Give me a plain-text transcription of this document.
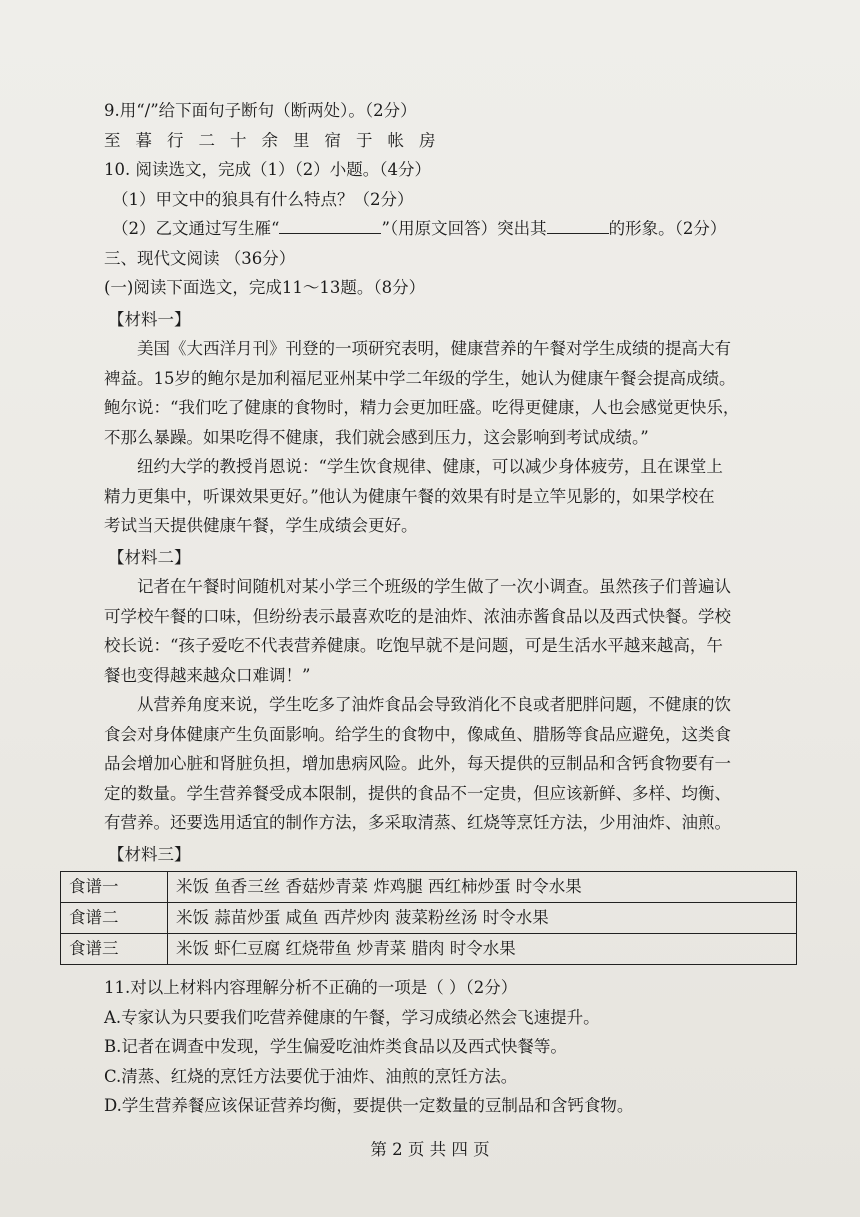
9.用“/”给下面句子断句（断两处）。（2分）
至暮行二十余里宿于帐房
10. 阅读选文，完成（1）（2）小题。（4分）
（1）甲文中的狼具有什么特点？（2分）
（2）乙文通过写生雁“	”（用原文回答）突出其	的形象。（2分）
三、现代文阅读 （36分）
(一)阅读下面选文，完成11～13题。（8分）
【材料一】
美国《大西洋月刊》刊登的一项研究表明，健康营养的午餐对学生成绩的提高大有
裨益。15岁的鲍尔是加利福尼亚州某中学二年级的学生，她认为健康午餐会提高成绩。
鲍尔说：“我们吃了健康的食物时，精力会更加旺盛。吃得更健康，人也会感觉更快乐，
不那么暴躁。如果吃得不健康，我们就会感到压力，这会影响到考试成绩。”
纽约大学的教授肖恩说：“学生饮食规律、健康，可以减少身体疲劳，且在课堂上
精力更集中，听课效果更好。”他认为健康午餐的效果有时是立竿见影的，如果学校在
考试当天提供健康午餐，学生成绩会更好。
【材料二】
记者在午餐时间随机对某小学三个班级的学生做了一次小调查。虽然孩子们普遍认
可学校午餐的口味，但纷纷表示最喜欢吃的是油炸、浓油赤酱食品以及西式快餐。学校
校长说：“孩子爱吃不代表营养健康。吃饱早就不是问题，可是生活水平越来越高，午
餐也变得越来越众口难调！”
从营养角度来说，学生吃多了油炸食品会导致消化不良或者肥胖问题，不健康的饮
食会对身体健康产生负面影响。给学生的食物中，像咸鱼、腊肠等食品应避免，这类食
品会增加心脏和肾脏负担，增加患病风险。此外，每天提供的豆制品和含钙食物要有一
定的数量。学生营养餐受成本限制，提供的食品不一定贵，但应该新鲜、多样、均衡、
有营养。还要选用适宜的制作方法，多采取清蒸、红烧等烹饪方法，少用油炸、油煎。
【材料三】
食谱一	米饭 鱼香三丝 香菇炒青菜 炸鸡腿 西红柿炒蛋 时令水果
食谱二	米饭 蒜苗炒蛋 咸鱼 西芹炒肉 菠菜粉丝汤 时令水果
食谱三	米饭 虾仁豆腐 红烧带鱼 炒青菜 腊肉 时令水果
11.对以上材料内容理解分析不正确的一项是（ ）（2分）
A.专家认为只要我们吃营养健康的午餐，学习成绩必然会飞速提升。
B.记者在调查中发现，学生偏爱吃油炸类食品以及西式快餐等。
C.清蒸、红烧的烹饪方法要优于油炸、油煎的烹饪方法。
D.学生营养餐应该保证营养均衡，要提供一定数量的豆制品和含钙食物。
第 2 页 共 四 页
